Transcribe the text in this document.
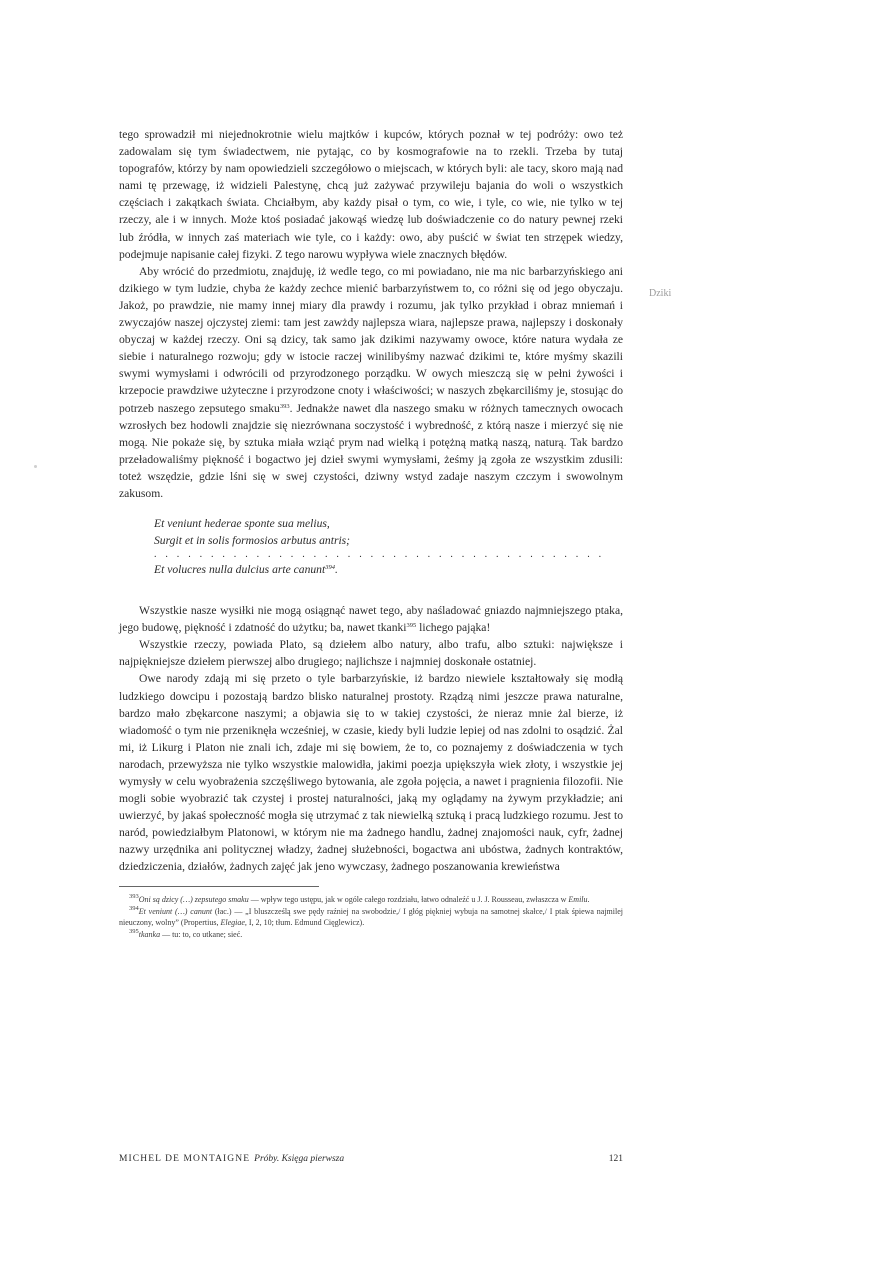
Dziki

tego sprowadził mi niejednokrotnie wielu majtków i kupców, których poznał w tej podróży: owo też zadowalam się tym świadectwem, nie pytając, co by kosmografowie na to rzekli. Trzeba by tutaj topografów, którzy by nam opowiedzieli szczegółowo o miejscach, w których byli: ale tacy, skoro mają nad nami tę przewagę, iż widzieli Palestynę, chcą już zażywać przywileju bajania do woli o wszystkich częściach i zakątkach świata. Chciałbym, aby każdy pisał o tym, co wie, i tyle, co wie, nie tylko w tej rzeczy, ale i w innych. Może ktoś posiadać jakowąś wiedzę lub doświadczenie co do natury pewnej rzeki lub źródła, w innych zaś materiach wie tyle, co i każdy: owo, aby puścić w świat ten strzępek wiedzy, podejmuje napisanie całej fizyki. Z tego narowu wypływa wiele znacznych błędów.

Aby wrócić do przedmiotu, znajduję, iż wedle tego, co mi powiadano, nie ma nic barbarzyńskiego ani dzikiego w tym ludzie, chyba że każdy zechce mienić barbarzyństwem to, co różni się od jego obyczaju. Jakoż, po prawdzie, nie mamy innej miary dla prawdy i rozumu, jak tylko przykład i obraz mniemań i zwyczajów naszej ojczystej ziemi: tam jest zawżdy najlepsza wiara, najlepsze prawa, najlepszy i doskonały obyczaj w każdej rzeczy. Oni są dzicy, tak samo jak dzikimi nazywamy owoce, które natura wydała ze siebie i naturalnego rozwoju; gdy w istocie raczej winilibyśmy nazwać dzikimi te, które myśmy skazili swymi wymysłami i odwrócili od przyrodzonego porządku. W owych mieszczą się w pełni żywości i krzepocie prawdziwe użyteczne i przyrodzone cnoty i właściwości; w naszych zbękarciliśmy je, stosując do potrzeb naszego zepsutego smaku$^{393}$. Jednakże nawet dla naszego smaku w różnych tamecznych owocach wzrosłych bez hodowli znajdzie się niezrównana soczystość i wybredność, z którą nasze i mierzyć się nie mogą. Nie pokaże się, by sztuka miała wziąć prym nad wielką i potężną matką naszą, naturą. Tak bardzo przeładowaliśmy piękność i bogactwo jej dzieł swymi wymysłami, żeśmy ją zgoła ze wszystkim zdusili: toteż wszędzie, gdzie lśni się w swej czystości, dziwny wstyd zadaje naszym czczym i swowolnym zakusom.

Et veniunt hederae sponte sua melius,
Surgit et in solis formosios arbutus antris;
. . . . . . . . . . . . . . . . . . . . . . . . . . . . . . . . . . . . . . . .
Et volucres nulla dulcius arte canunt$^{394}$.

Wszystkie nasze wysiłki nie mogą osiągnąć nawet tego, aby naśladować gniazdo najmniejszego ptaka, jego budowę, piękność i zdatność do użytku; ba, nawet tkanki$^{395}$ lichego pająka!

Wszystkie rzeczy, powiada Plato, są dziełem albo natury, albo trafu, albo sztuki: największe i najpiękniejsze dziełem pierwszej albo drugiego; najlichsze i najmniej doskonałe ostatniej.

Owe narody zdają mi się przeto o tyle barbarzyńskie, iż bardzo niewiele kształtowały się modłą ludzkiego dowcipu i pozostają bardzo blisko naturalnej prostoty. Rządzą nimi jeszcze prawa naturalne, bardzo mało zbękarcone naszymi; a objawia się to w takiej czystości, że nieraz mnie żal bierze, iż wiadomość o tym nie przeniknęła wcześniej, w czasie, kiedy byli ludzie lepiej od nas zdolni to osądzić. Żal mi, iż Likurg i Platon nie znali ich, zdaje mi się bowiem, że to, co poznajemy z doświadczenia w tych narodach, przewyższa nie tylko wszystkie malowidła, jakimi poezja upiększyła wiek złoty, i wszystkie jej wymysły w celu wyobrażenia szczęśliwego bytowania, ale zgoła pojęcia, a nawet i pragnienia filozofii. Nie mogli sobie wyobrazić tak czystej i prostej naturalności, jaką my oglądamy na żywym przykładzie; ani uwierzyć, by jakaś społeczność mogła się utrzymać z tak niewielką sztuką i pracą ludzkiego rozumu. Jest to naród, powiedziałbym Platonowi, w którym nie ma żadnego handlu, żadnej znajomości nauk, cyfr, żadnej nazwy urzędnika ani politycznej władzy, żadnej służebności, bogactwa ani ubóstwa, żadnych kontraktów, dziedziczenia, działów, żadnych zajęć jak jeno wywczasy, żadnego poszanowania krewieństwa

$^{393}$Oni są dzicy (…) zepsutego smaku — wpływ tego ustępu, jak w ogóle całego rozdziału, łatwo odnaleźć u J. J. Rousseau, zwłaszcza w Emilu.

$^{394}$Et veniunt (…) canunt (łac.) — „I bluszcześlą swe pędy raźniej na swobodzie,/ I głóg piękniej wybuja na samotnej skałce,/ I ptak śpiewa najmilej nieuczony, wolny” (Propertius, Elegiae, I, 2, 10; tłum. Edmund Cięglewicz).

$^{395}$tkanka — tu: to, co utkane; sieć.

MICHEL DE MONTAIGNE Próby. Księga pierwsza	121
